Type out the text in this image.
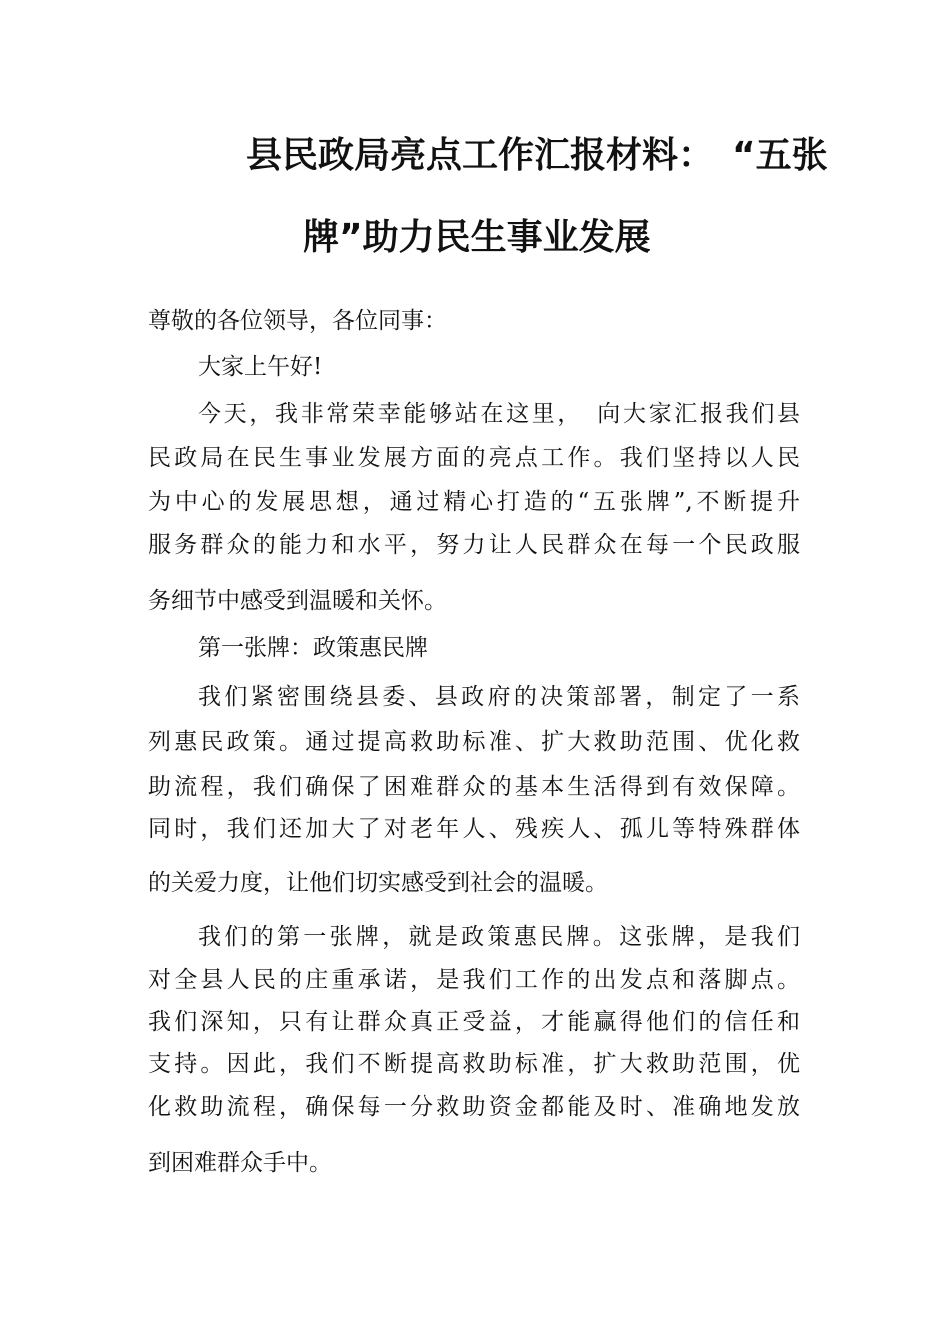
县民政局亮点工作汇报材料：　“五张
牌”助力民生事业发展
尊敬的各位领导，各位同事：
大家上午好!
今天，我非常荣幸能够站在这里，　向大家汇报我们县
民政局在民生事业发展方面的亮点工作。我们坚持以人民
为中心的发展思想，通过精心打造的“五张牌”,不断提升
服务群众的能力和水平，努力让人民群众在每一个民政服
务细节中感受到温暖和关怀。
第一张牌：政策惠民牌
我们紧密围绕县委、县政府的决策部署，制定了一系
列惠民政策。通过提高救助标准、扩大救助范围、优化救
助流程，我们确保了困难群众的基本生活得到有效保障。
同时，我们还加大了对老年人、残疾人、孤儿等特殊群体
的关爱力度，让他们切实感受到社会的温暖。
我们的第一张牌，就是政策惠民牌。这张牌，是我们
对全县人民的庄重承诺，是我们工作的出发点和落脚点。
我们深知，只有让群众真正受益，才能赢得他们的信任和
支持。因此，我们不断提高救助标准，扩大救助范围，优
化救助流程，确保每一分救助资金都能及时、准确地发放
到困难群众手中。
